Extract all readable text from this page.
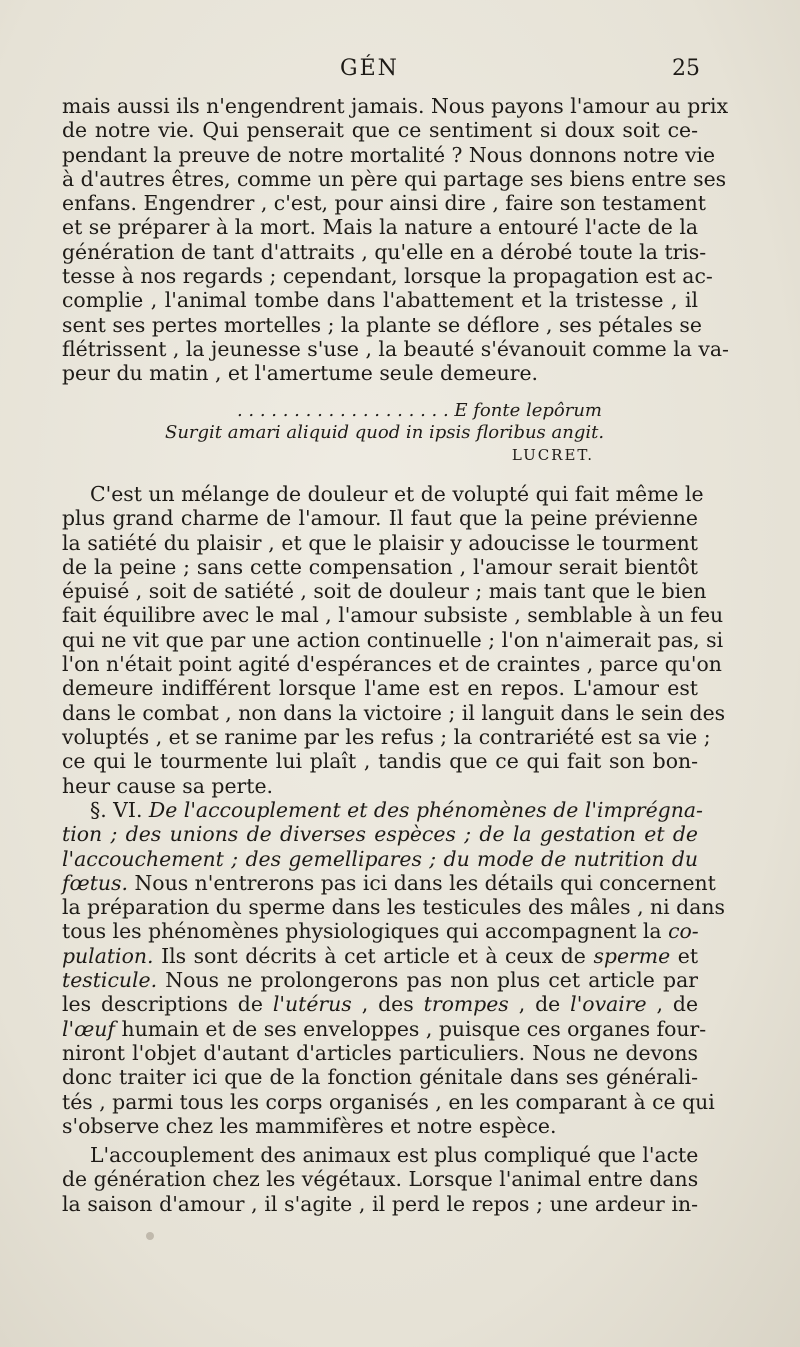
GÉN	25
mais aussi ils n'engendrent jamais. Nous payons l'amour au prix
de notre vie. Qui penserait que ce sentiment si doux soit ce-
pendant la preuve de notre mortalité ? Nous donnons notre vie
à d'autres êtres, comme un père qui partage ses biens entre ses
enfans. Engendrer , c'est, pour ainsi dire , faire son testament
et se préparer à la mort. Mais la nature a entouré l'acte de la
génération de tant d'attraits , qu'elle en a dérobé toute la tris-
tesse à nos regards ; cependant, lorsque la propagation est ac-
complie , l'animal tombe dans l'abattement et la tristesse , il
sent ses pertes mortelles ; la plante se déflore , ses pétales se
flétrissent , la jeunesse s'use , la beauté s'évanouit comme la va-
peur du matin , et l'amertume seule demeure.
. . . . . . . . . . . . . . . . . . . E fonte lepôrum
Surgit amari aliquid quod in ipsis floribus angit.
LUCRET.
C'est un mélange de douleur et de volupté qui fait même le
plus grand charme de l'amour. Il faut que la peine prévienne
la satiété du plaisir , et que le plaisir y adoucisse le tourment
de la peine ; sans cette compensation , l'amour serait bientôt
épuisé , soit de satiété , soit de douleur ; mais tant que le bien
fait équilibre avec le mal , l'amour subsiste , semblable à un feu
qui ne vit que par une action continuelle ; l'on n'aimerait pas, si
l'on n'était point agité d'espérances et de craintes , parce qu'on
demeure indifférent lorsque l'ame est en repos. L'amour est
dans le combat , non dans la victoire ; il languit dans le sein des
voluptés , et se ranime par les refus ; la contrariété est sa vie ;
ce qui le tourmente lui plaît , tandis que ce qui fait son bon-
heur cause sa perte.
§. VI. De l'accouplement et des phénomènes de l'imprégna-
tion ; des unions de diverses espèces ; de la gestation et de
l'accouchement ; des gemellipares ; du mode de nutrition du
fœtus. Nous n'entrerons pas ici dans les détails qui concernent
la préparation du sperme dans les testicules des mâles , ni dans
tous les phénomènes physiologiques qui accompagnent la co-
pulation. Ils sont décrits à cet article et à ceux de sperme et
testicule. Nous ne prolongerons pas non plus cet article par
les descriptions de l'utérus , des trompes , de l'ovaire , de
l'œuf humain et de ses enveloppes , puisque ces organes four-
niront l'objet d'autant d'articles particuliers. Nous ne devons
donc traiter ici que de la fonction génitale dans ses générali-
tés , parmi tous les corps organisés , en les comparant à ce qui
s'observe chez les mammifères et notre espèce.
L'accouplement des animaux est plus compliqué que l'acte
de génération chez les végétaux. Lorsque l'animal entre dans
la saison d'amour , il s'agite , il perd le repos ; une ardeur in-
